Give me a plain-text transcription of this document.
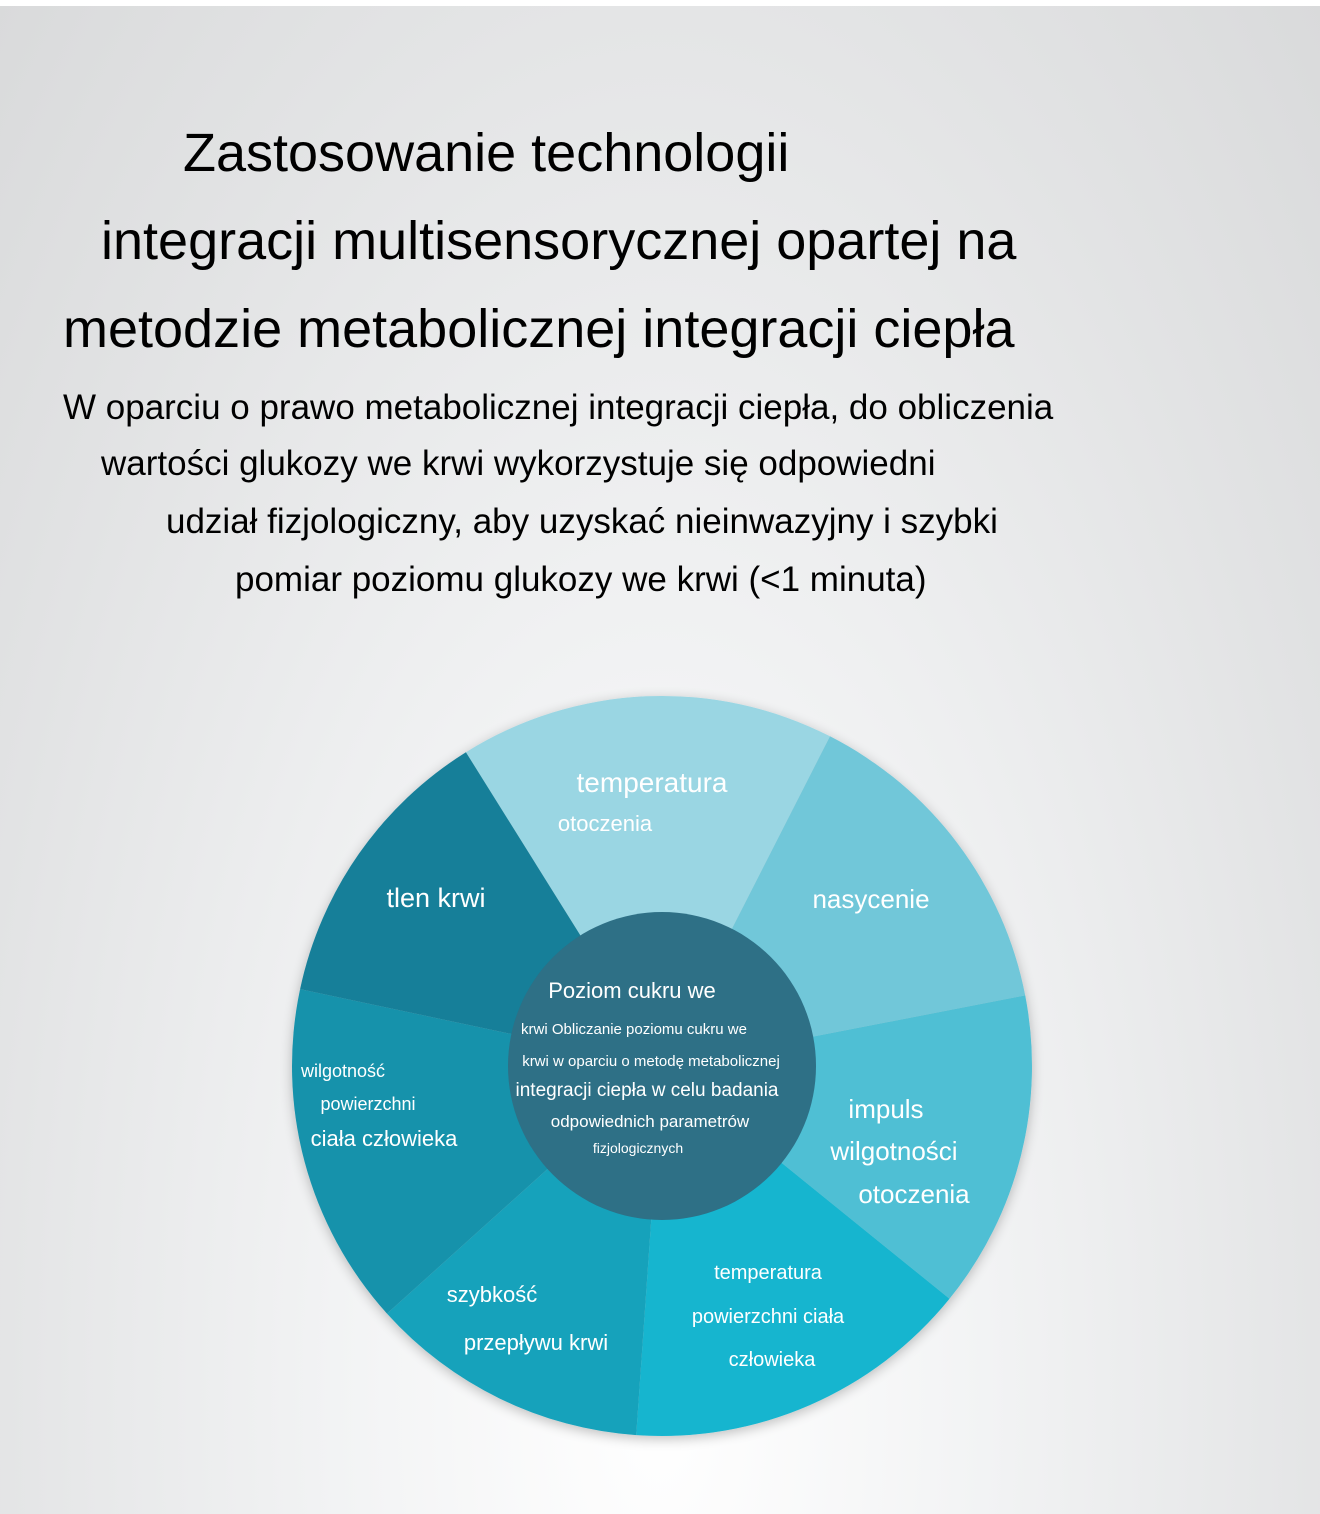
Zastosowanie technologii
integracji multisensorycznej opartej na
metodzie metabolicznej integracji ciepła
W oparciu o prawo metabolicznej integracji ciepła, do obliczenia
wartości glukozy we krwi wykorzystuje się odpowiedni
udział fizjologiczny, aby uzyskać nieinwazyjny i szybki
pomiar poziomu glukozy we krwi (<1 minuta)
temperatura
otoczenia
nasycenie
impuls
wilgotności
otoczenia
temperatura
powierzchni ciała
człowieka
szybkość
przepływu krwi
wilgotność
powierzchni
ciała człowieka
tlen krwi
Poziom cukru we
krwi Obliczanie poziomu cukru we
krwi w oparciu o metodę metabolicznej
integracji ciepła w celu badania
odpowiednich parametrów
fizjologicznych
